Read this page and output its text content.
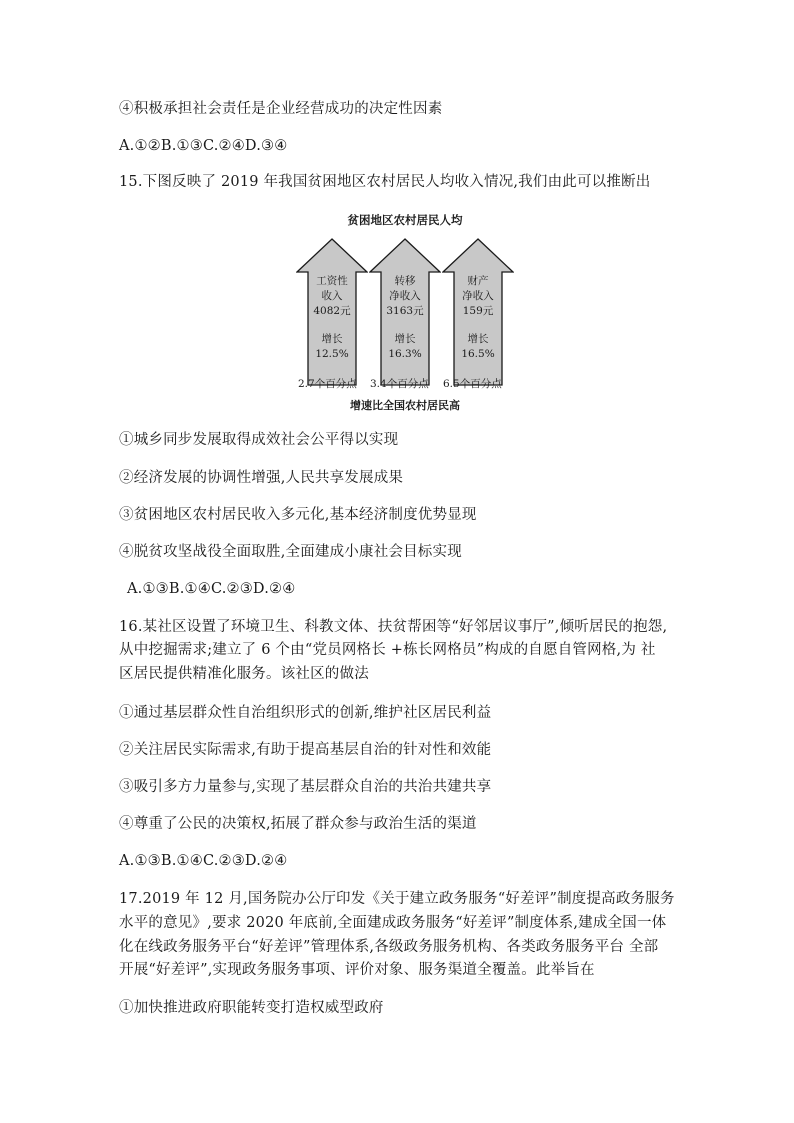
④积极承担社会责任是企业经营成功的决定性因素
A.①②B.①③C.②④D.③④
15.下图反映了 2019 年我国贫困地区农村居民人均收入情况,我们由此可以推断出
贫困地区农村居民人均
工资性
收入
4082元
增长
12.5%
转移
净收入
3163元
增长
16.3%
财产
净收入
159元
增长
16.5%
增速比全国农村居民高
2.7个百分点 3.4个百分点 6.5个百分点
①城乡同步发展取得成效社会公平得以实现
②经济发展的协调性增强,人民共享发展成果
③贫困地区农村居民收入多元化,基本经济制度优势显现
④脱贫攻坚战役全面取胜,全面建成小康社会目标实现
A.①③B.①④C.②③D.②④
16.某社区设置了环境卫生、科教文体、扶贫帮困等“好邻居议事厅”,倾听居民的抱怨,
从中挖掘需求;建立了 6 个由“党员网格长 +栋长网格员”构成的自愿自管网格,为 社
区居民提供精准化服务。该社区的做法
①通过基层群众性自治组织形式的创新,维护社区居民利益
②关注居民实际需求,有助于提高基层自治的针对性和效能
③吸引多方力量参与,实现了基层群众自治的共治共建共享
④尊重了公民的决策权,拓展了群众参与政治生活的渠道
A.①③B.①④C.②③D.②④
17.2019 年 12 月,国务院办公厅印发《关于建立政务服务“好差评”制度提高政务服务
水平的意见》,要求 2020 年底前,全面建成政务服务“好差评”制度体系,建成全国一体
化在线政务服务平台“好差评”管理体系,各级政务服务机构、各类政务服务平台 全部
开展“好差评”,实现政务服务事项、评价对象、服务渠道全覆盖。此举旨在
①加快推进政府职能转变打造权威型政府
